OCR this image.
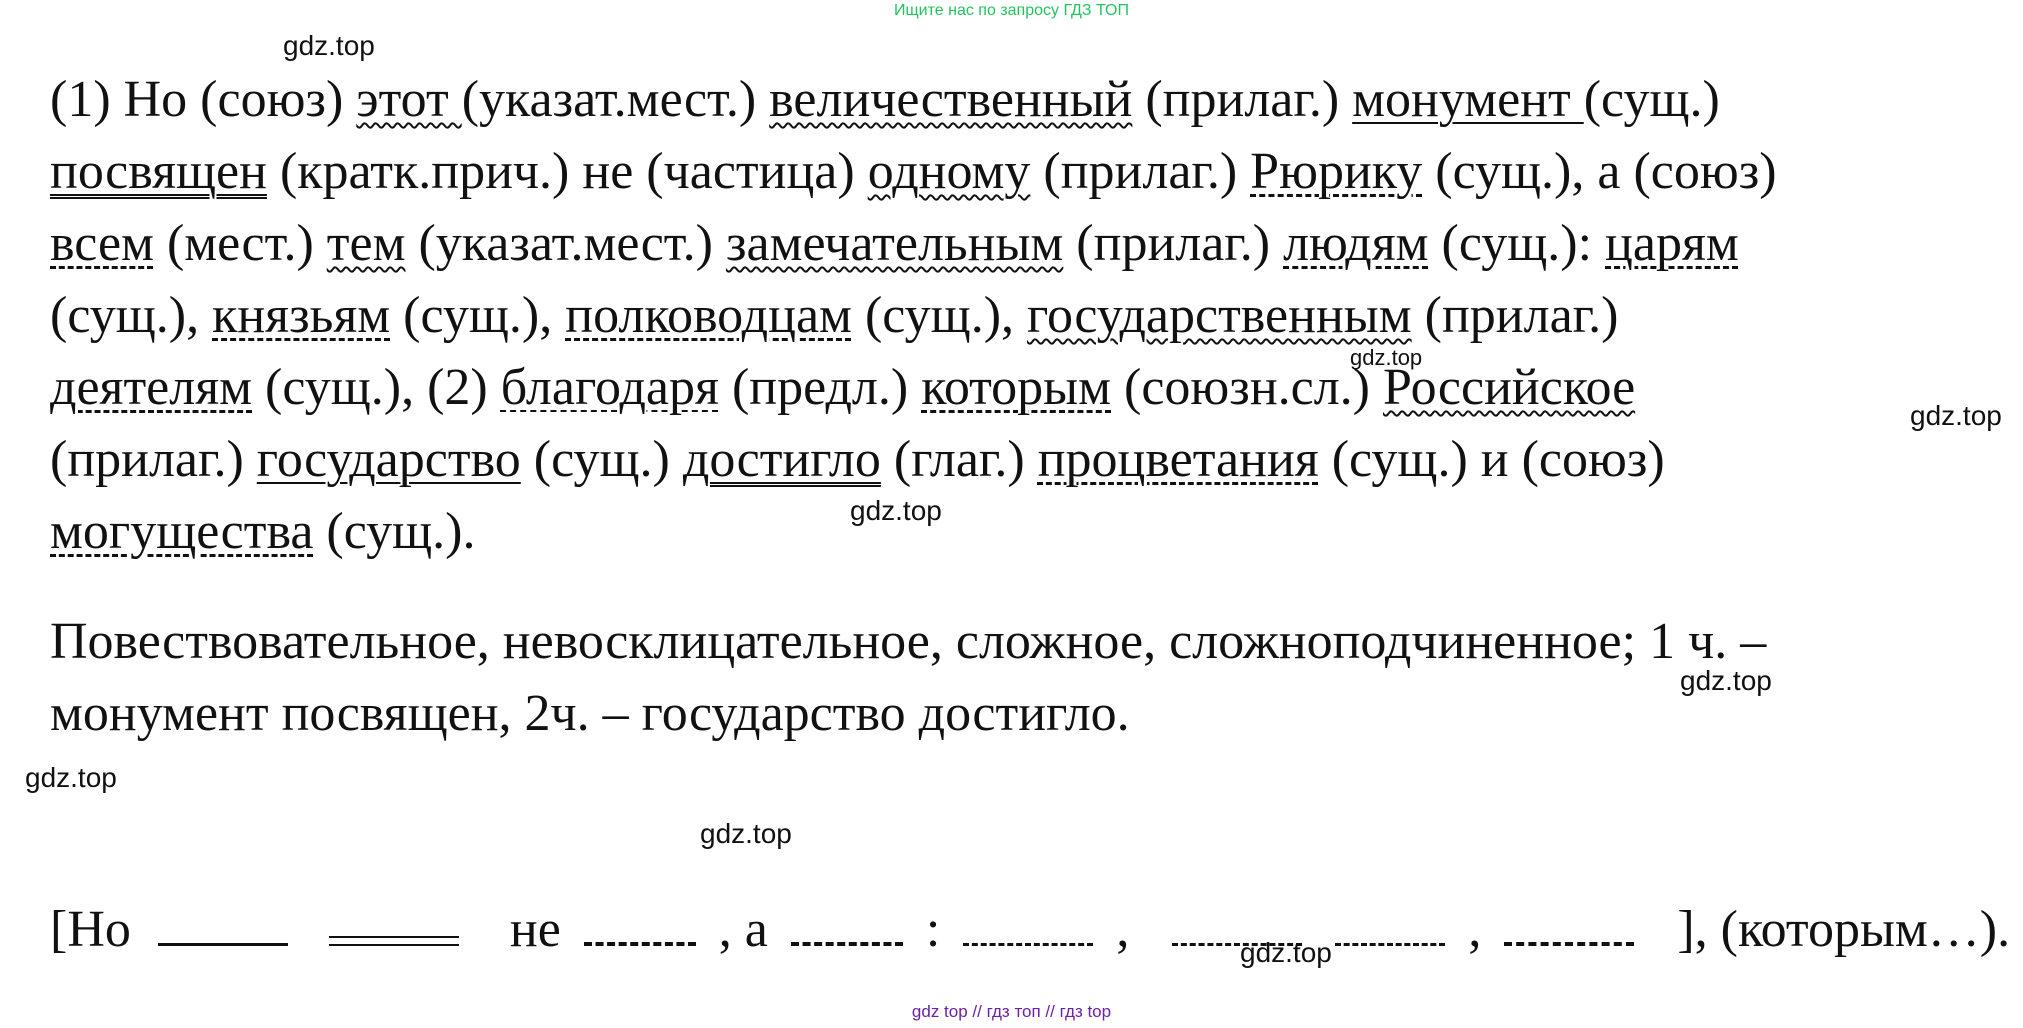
Ищите нас по запросу ГДЗ ТОП
(1) Но (союз) этот (указат.мест.) величественный (прилаг.) монумент (сущ.)
посвящен (кратк.прич.) не (частица) одному (прилаг.) Рюрику (сущ.), а (союз)
всем (мест.) тем (указат.мест.) замечательным (прилаг.) людям (сущ.): царям
(сущ.), князьям (сущ.), полководцам (сущ.), государственным (прилаг.)
деятелям (сущ.), (2) благодаря (предл.) которым (союзн.сл.) Российское
(прилаг.) государство (сущ.) достигло (глаг.) процветания (сущ.) и (союз)
могущества (сущ.).
Повествовательное, невосклицательное, сложное, сложноподчиненное; 1 ч. –
монумент посвящен, 2ч. – государство достигло.
[Но	не	, а	:	,	,	], (которым…).
gdz.top
gdz.top
gdz.top
gdz.top
gdz.top
gdz.top
gdz.top
gdz.top
gdz top // гдз топ // гдз top
